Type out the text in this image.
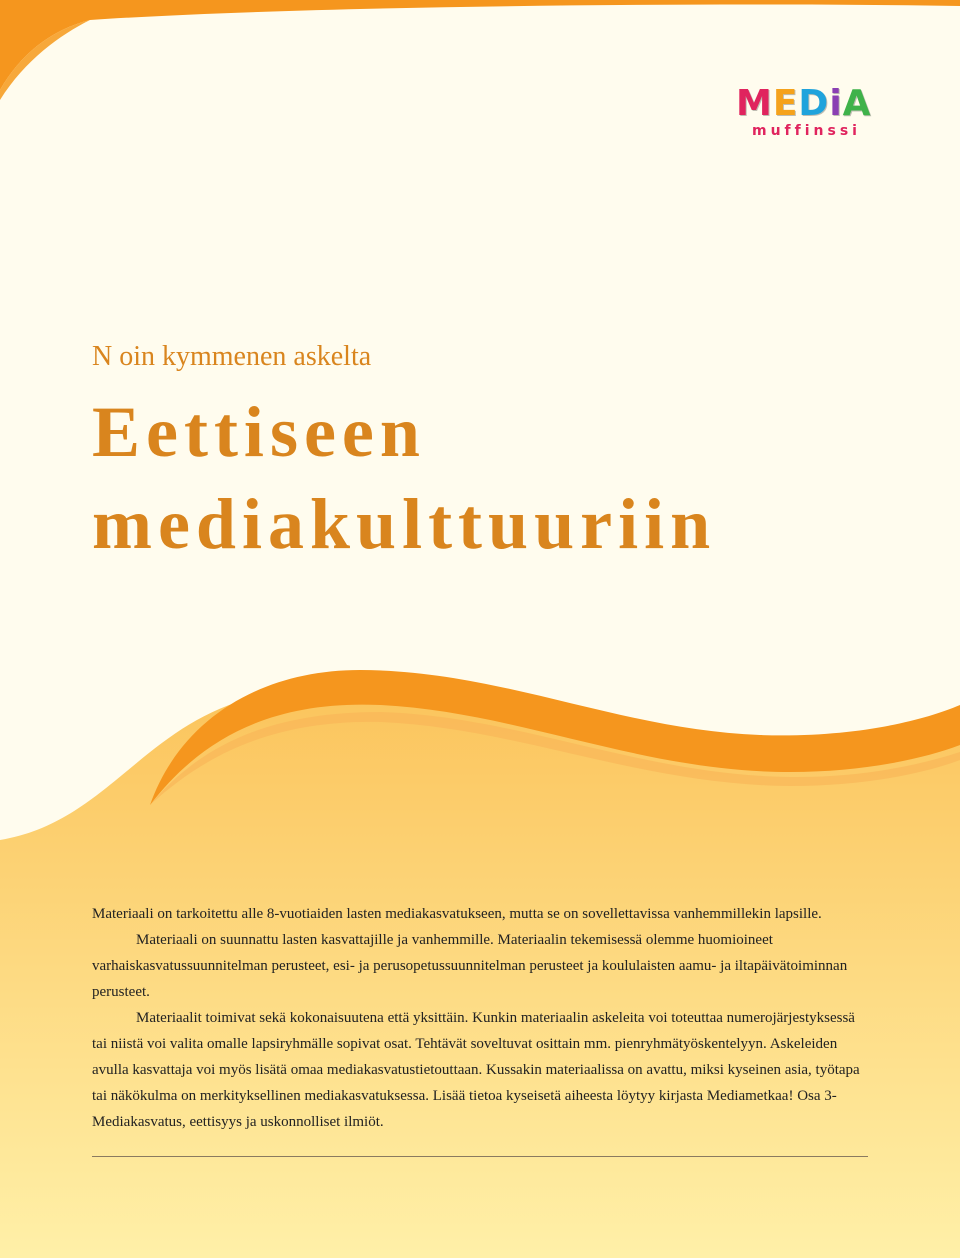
M E D i A
muffinssi
N oin kymmenen askelta
Eettiseen
mediakulttuuriin

Materiaali on tarkoitettu alle 8-vuotiaiden lasten mediakasvatukseen, mutta se on sovellettavissa vanhemmillekin lapsille.

Materiaali on suunnattu lasten kasvattajille ja vanhemmille. Materiaalin tekemisessä olemme huomioineet varhaiskasvatussuunnitelman perusteet, esi- ja perusopetussuunnitelman perusteet ja koululaisten aamu- ja iltapäivätoiminnan perusteet.

Materiaalit toimivat sekä kokonaisuutena että yksittäin. Kunkin materiaalin askeleita voi toteuttaa numerojärjestyksessä tai niistä voi valita omalle lapsiryhmälle sopivat osat. Tehtävät soveltuvat osittain mm. pienryhmätyöskentelyyn. Askeleiden avulla kasvattaja voi myös lisätä omaa mediakasvatustietouttaan. Kussakin materiaalissa on avattu, miksi kyseinen asia, työtapa tai näkökulma on merkityksellinen mediakasvatuksessa. Lisää tietoa kyseisetä aiheesta löytyy kirjasta Mediametkaa! Osa 3- Mediakasvatus, eettisyys ja uskonnolliset ilmiöt.
